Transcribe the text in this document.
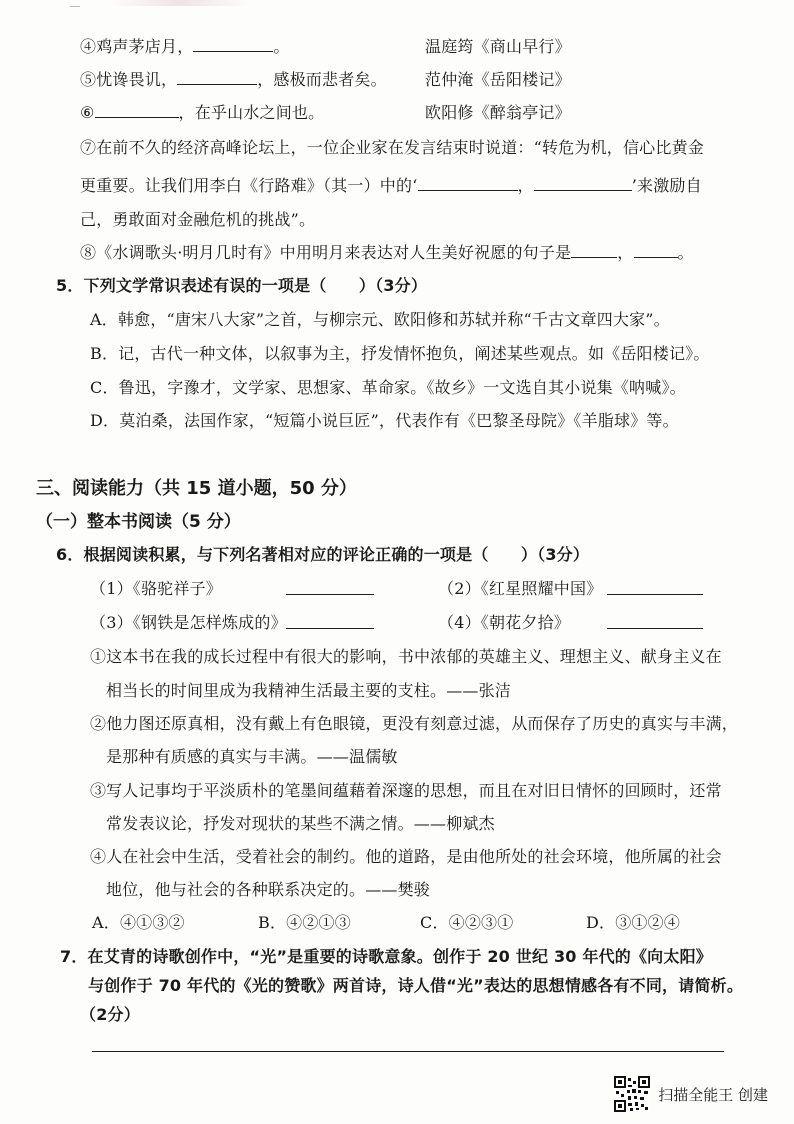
④鸡声茅店月，	。	温庭筠《商山早行》
⑤忧谗畏讥，	，感极而悲者矣。 范仲淹《岳阳楼记》
⑥	，在乎山水之间也。	欧阳修《醉翁亭记》
⑦在前不久的经济高峰论坛上，一位企业家在发言结束时说道：“转危为机，信心比黄金
更重要。让我们用李白《行路难》（其一）中的‘	，	’来激励自
己，勇敢面对金融危机的挑战”。
⑧《水调歌头·明月几时有》中用明月来表达对人生美好祝愿的句子是	，	。
5．下列文学常识表述有误的一项是（　　）（3分）
A．韩愈，“唐宋八大家”之首，与柳宗元、欧阳修和苏轼并称“千古文章四大家”。
B．记，古代一种文体，以叙事为主，抒发情怀抱负，阐述某些观点。如《岳阳楼记》。
C．鲁迅，字豫才，文学家、思想家、革命家。《故乡》一文选自其小说集《呐喊》。
D．莫泊桑，法国作家，“短篇小说巨匠”，代表作有《巴黎圣母院》《羊脂球》等。
三、阅读能力（共 15 道小题，50 分）
（一）整本书阅读（5 分）
6．根据阅读积累，与下列名著相对应的评论正确的一项是（　　）（3分）
（1）《骆驼祥子》	（2）《红星照耀中国》
（3）《钢铁是怎样炼成的》	（4）《朝花夕拾》
①这本书在我的成长过程中有很大的影响，书中浓郁的英雄主义、理想主义、献身主义在
相当长的时间里成为我精神生活最主要的支柱。——张洁
②他力图还原真相，没有戴上有色眼镜，更没有刻意过滤，从而保存了历史的真实与丰满，
是那种有质感的真实与丰满。——温儒敏
③写人记事均于平淡质朴的笔墨间蕴藉着深邃的思想，而且在对旧日情怀的回顾时，还常
常发表议论，抒发对现状的某些不满之情。——柳斌杰
④人在社会中生活，受着社会的制约。他的道路，是由他所处的社会环境，他所属的社会
地位，他与社会的各种联系决定的。——樊骏
A．④①③②	B．④②①③	C．④②③①	D．③①②④
7．在艾青的诗歌创作中，“光”是重要的诗歌意象。创作于 20 世纪 30 年代的《向太阳》
与创作于 70 年代的《光的赞歌》两首诗，诗人借“光”表达的思想情感各有不同，请简析。
（2分）
扫描全能王 创建
